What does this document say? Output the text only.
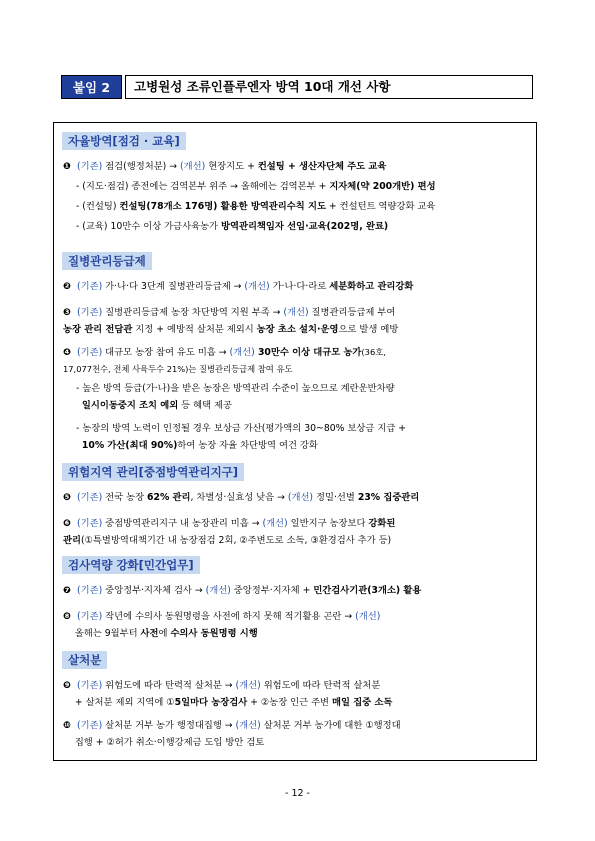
붙임 2	고병원성 조류인플루엔자 방역 10대 개선 사항
자율방역[점검 · 교육]
❶ (기존) 점검(행정처분) → (개선) 현장지도 + 컨설팅 + 생산자단체 주도 교육
- (지도·점검) 종전에는 검역본부 위주 → 올해에는 검역본부 + 지자체(약 200개반) 편성
- (컨설팅) 컨설팅(78개소 176명) 활용한 방역관리수칙 지도 + 컨설턴트 역량강화 교육
- (교육) 10만수 이상 가금사육농가 방역관리책임자 선임·교육(202명, 완료)
질병관리등급제
❷ (기존) 가·나·다 3단계 질병관리등급제 → (개선) 가·나·다·라로 세분화하고 관리강화
❸ (기존) 질병관리등급제 농장 차단방역 지원 부족 → (개선) 질병관리등급제 부여
농장 관리 전담관 지정 + 예방적 살처분 제외시 농장 초소 설치·운영으로 발생 예방
❹ (기존) 대규모 농장 참여 유도 미흡 → (개선) 30만수 이상 대규모 농가(36호,
17,077천수, 전체 사육두수 21%)는 질병관리등급제 참여 유도
- 높은 방역 등급(가·나)을 받은 농장은 방역관리 수준이 높으므로 계란운반차량
일시이동중지 조치 예외 등 혜택 제공
- 농장의 방역 노력이 인정될 경우 보상금 가산(평가액의 30~80% 보상금 지급 +
10% 가산(최대 90%)하여 농장 자율 차단방역 여건 강화
위험지역 관리[중점방역관리지구]
❺ (기존) 전국 농장 62% 관리, 차별성·실효성 낮음 → (개선) 정밀·선별 23% 집중관리
❻ (기존) 중점방역관리지구 내 농장관리 미흡 → (개선) 일반지구 농장보다 강화된
관리(①특별방역대책기간 내 농장점검 2회, ②주변도로 소독, ③환경검사 추가 등)
검사역량 강화[민간업무]
❼ (기존) 중앙정부·지자체 검사 → (개선) 중앙정부·지자체 + 민간검사기관(3개소) 활용
❽ (기존) 작년에 수의사 동원명령을 사전에 하지 못해 적기활용 곤란 → (개선)
올해는 9월부터 사전에 수의사 동원명령 시행
살처분
❾ (기존) 위험도에 따라 탄력적 살처분 → (개선) 위험도에 따라 탄력적 살처분
+ 살처분 제외 지역에 ①5일마다 농장검사 + ②농장 인근 주변 매일 집중 소독
❿ (기존) 살처분 거부 농가 행정대집행 → (개선) 살처분 거부 농가에 대한 ①행정대
집행 + ②허가 취소·이행강제금 도입 방안 검토
- 12 -
